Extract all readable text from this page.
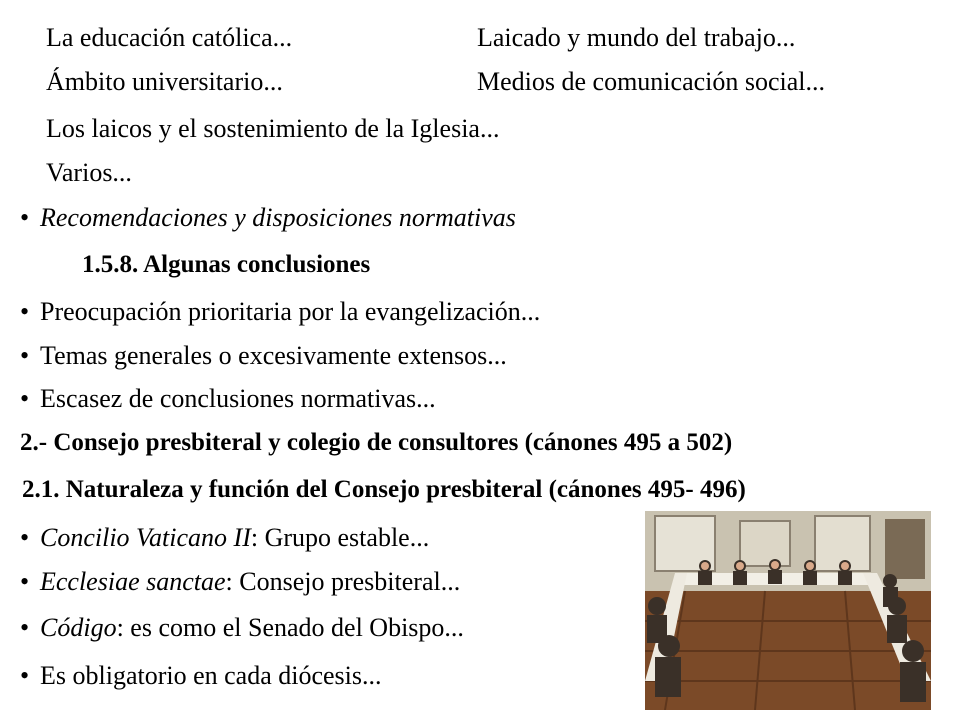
La educación católica...	Laicado y mundo del trabajo...
Ámbito universitario...	Medios de comunicación social...
Los laicos y el sostenimiento de la Iglesia...
Varios...
• Recomendaciones y disposiciones normativas
1.5.8. Algunas conclusiones
• Preocupación prioritaria por la evangelización...
• Temas generales o excesivamente extensos...
• Escasez de conclusiones normativas...
2.- Consejo presbiteral y colegio de consultores (cánones 495 a 502)
2.1. Naturaleza y función del Consejo presbiteral (cánones 495- 496)
• Concilio Vaticano II: Grupo estable...
• Ecclesiae sanctae: Consejo presbiteral...
• Código: es como el Senado del Obispo...
• Es obligatorio en cada diócesis...
